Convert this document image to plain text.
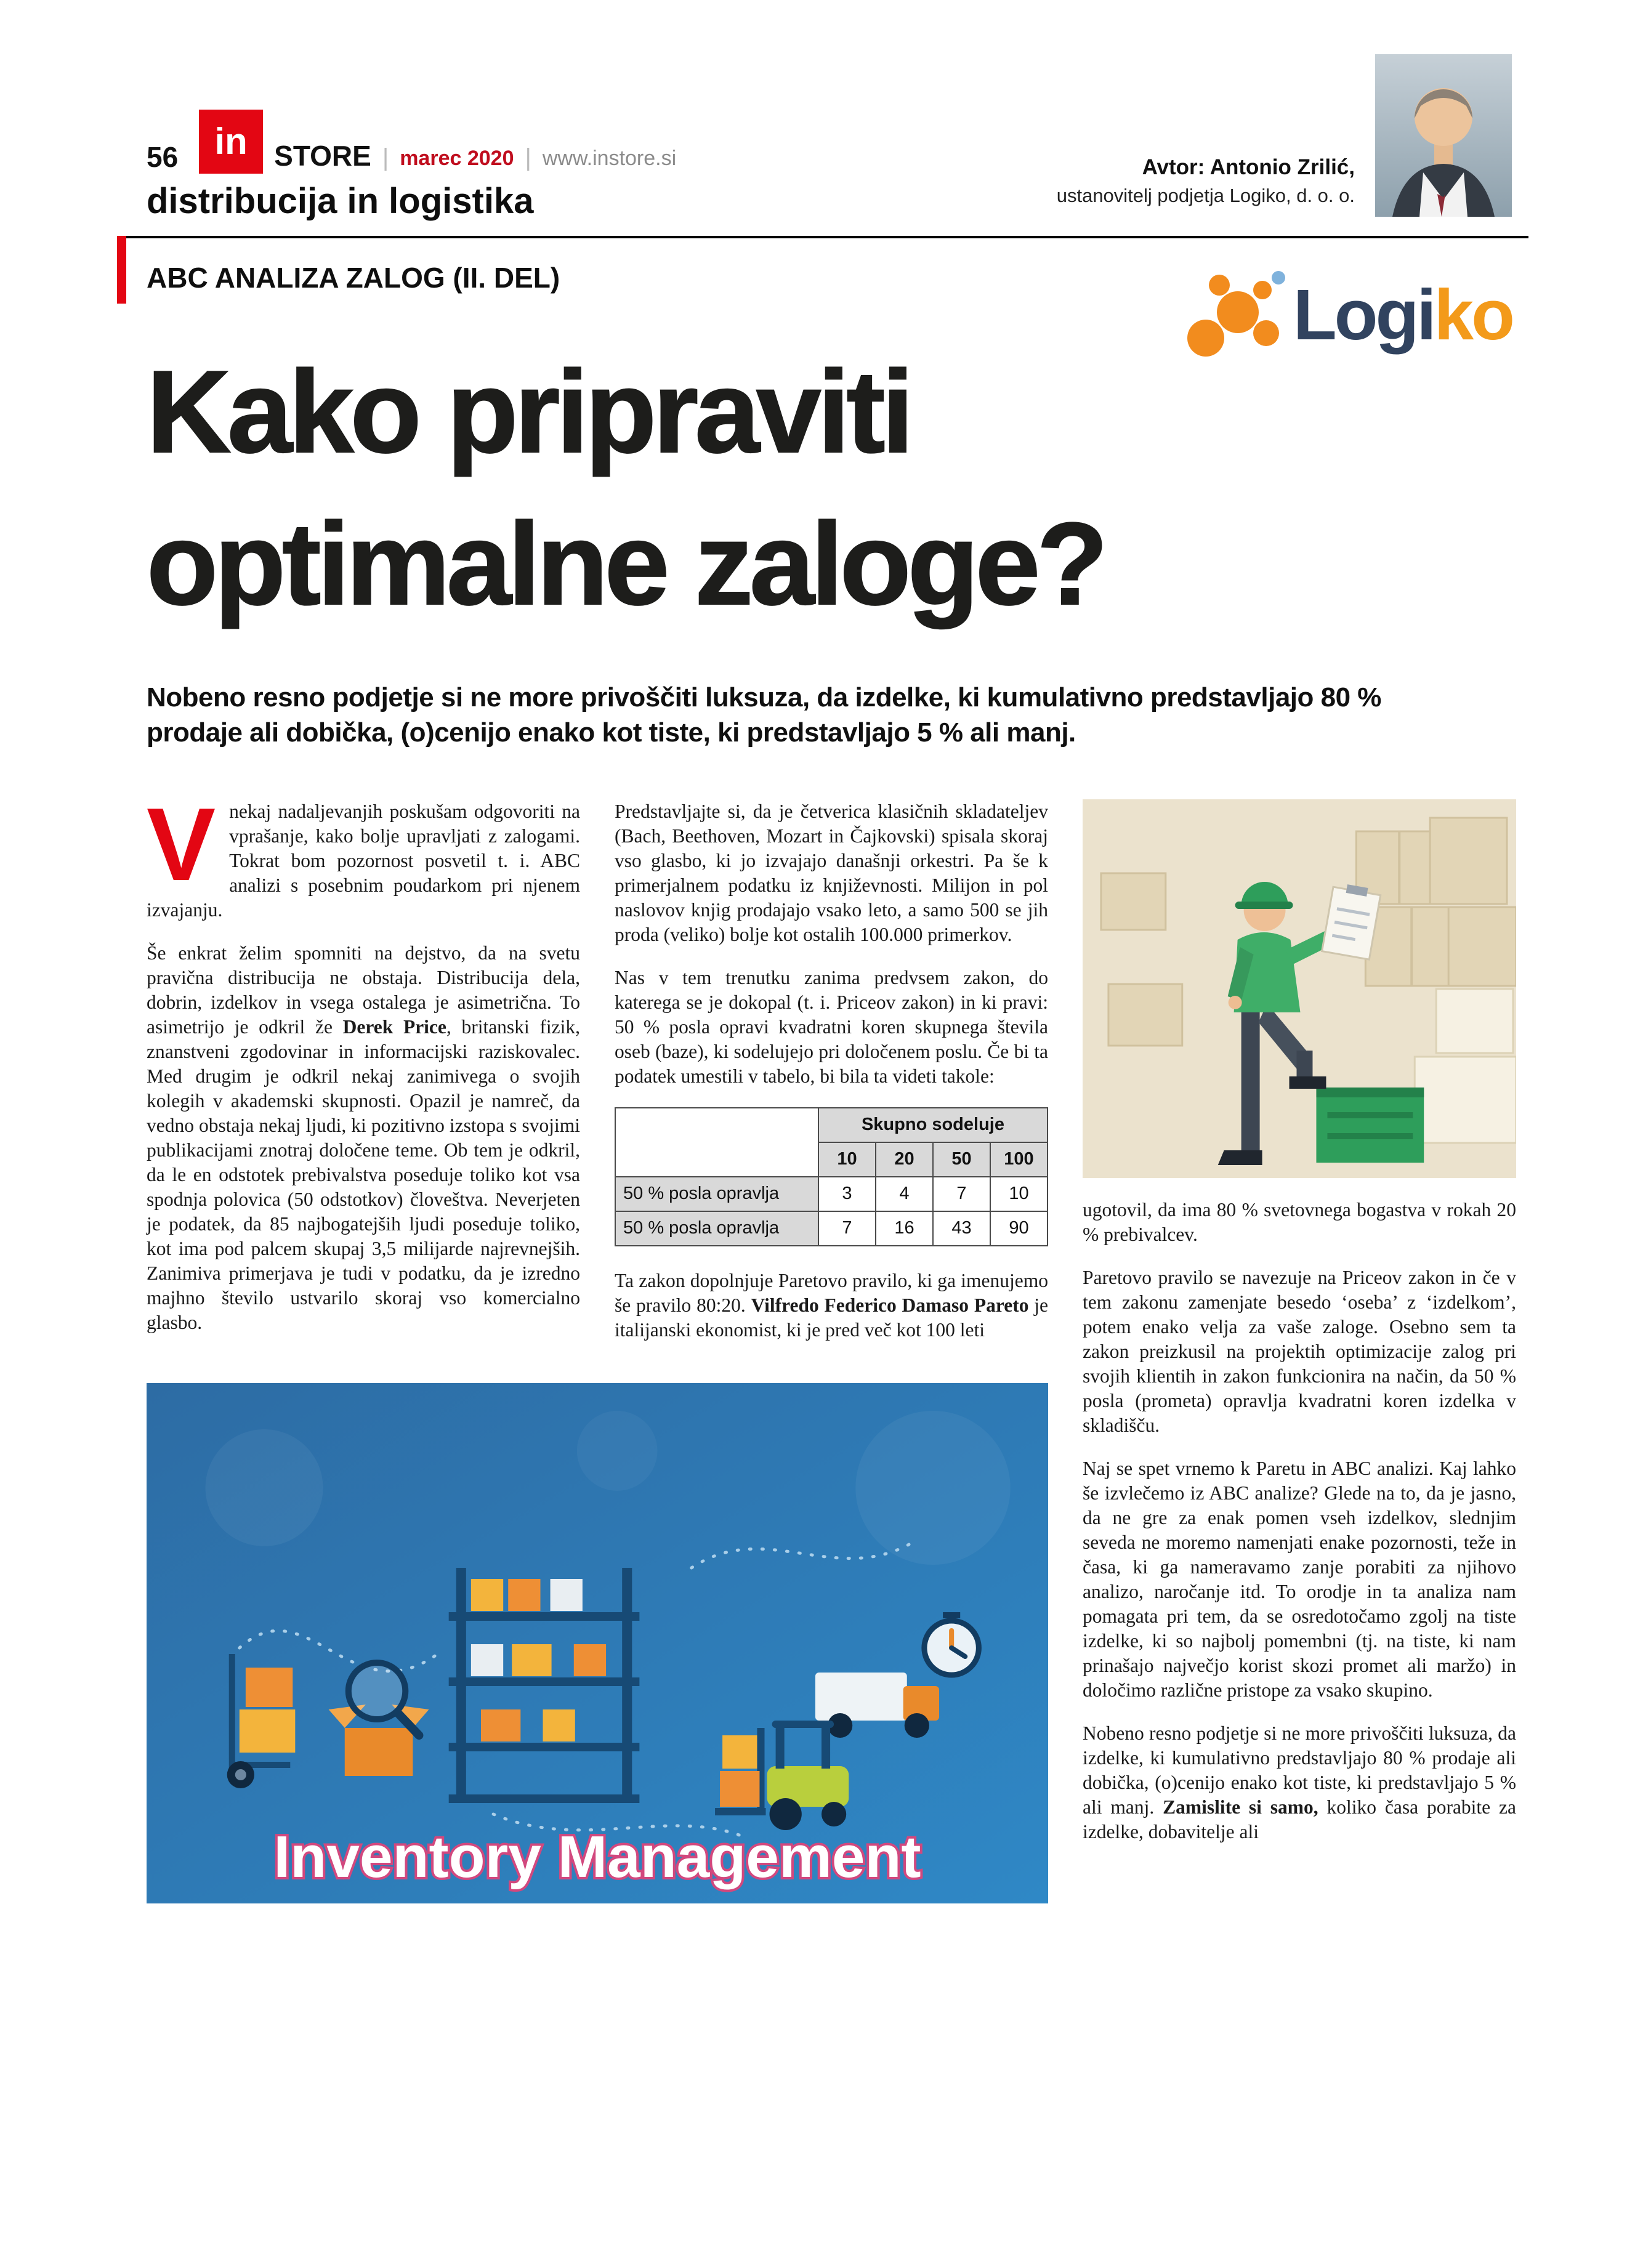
56 in STORE | marec 2020 | www.instore.si
distribucija in logistika
Avtor: Antonio Zrilić,
ustanovitelj podjetja Logiko, d. o. o.
ABC ANALIZA ZALOG (II. DEL)	Logiko
Kako pripraviti
optimalne zaloge?

Nobeno resno podjetje si ne more privoščiti luksuza, da izdelke, ki kumulativno predstavljajo 80 % prodaje ali dobička, (o)cenijo enako kot tiste, ki predstavljajo 5 % ali manj.

Vnekaj nadaljevanjih poskušam odgovoriti na vprašanje, kako bolje upravljati z zalogami. Tokrat bom pozornost posvetil t. i. ABC analizi s posebnim poudarkom pri njenem izvajanju.

Še enkrat želim spomniti na dejstvo, da na svetu pravična distribucija ne obstaja. Distribucija dela, dobrin, izdelkov in vsega ostalega je asimetrična. To asimetrijo je odkril že Derek Price, britanski fizik, znanstveni zgodovinar in informacijski raziskovalec. Med drugim je odkril nekaj zanimivega o svojih kolegih v akademski skupnosti. Opazil je namreč, da vedno obstaja nekaj ljudi, ki pozitivno izstopa s svojimi publikacijami znotraj določene teme. Ob tem je odkril, da le en odstotek prebivalstva poseduje toliko kot vsa spodnja polovica (50 odstotkov) človeštva. Neverjeten je podatek, da 85 najbogatejših ljudi poseduje toliko, kot ima pod palcem skupaj 3,5 milijarde najrevnejših. Zanimiva primerjava je tudi v podatku, da je izredno majhno število ustvarilo skoraj vso komercialno glasbo.

Predstavljajte si, da je četverica klasičnih skladateljev (Bach, Beethoven, Mozart in Čajkovski) spisala skoraj vso glasbo, ki jo izvajajo današnji orkestri. Pa še k primerjalnem podatku iz književnosti. Milijon in pol naslovov knjig prodajajo vsako leto, a samo 500 se jih proda (veliko) bolje kot ostalih 100.000 primerkov.

Nas v tem trenutku zanima predvsem zakon, do katerega se je dokopal (t. i. Priceov zakon) in ki pravi: 50 % posla opravi kvadratni koren skupnega števila oseb (baze), ki sodelujejo pri določenem poslu. Če bi ta podatek umestili v tabelo, bi bila ta videti takole:

	Skupno sodeluje			
	10	20	50	100
50 % posla opravlja	3	4	7	10
50 % posla opravlja	7	16	43	90

Ta zakon dopolnjuje Paretovo pravilo, ki ga imenujemo še pravilo 80:20. Vilfredo Federico Damaso Pareto je italijanski ekonomist, ki je pred več kot 100 leti

ugotovil, da ima 80 % svetovnega bogastva v rokah 20 % prebivalcev.

Paretovo pravilo se navezuje na Priceov zakon in če v tem zakonu zamenjate besedo ‘oseba’ z ‘izdelkom’, potem enako velja za vaše zaloge. Osebno sem ta zakon preizkusil na projektih optimizacije zalog pri svojih klientih in zakon funkcionira na način, da 50 % posla (prometa) opravlja kvadratni koren izdelka v skladišču.

Naj se spet vrnemo k Paretu in ABC analizi. Kaj lahko še izvlečemo iz ABC analize? Glede na to, da je jasno, da ne gre za enak pomen vseh izdelkov, slednjim seveda ne moremo namenjati enake pozornosti, teže in časa, ki ga nameravamo zanje porabiti za njihovo analizo, naročanje itd. To orodje in ta analiza nam pomagata pri tem, da se osredotočamo zgolj na tiste izdelke, ki so najbolj pomembni (tj. na tiste, ki nam prinašajo največjo korist skozi promet ali maržo) in določimo različne pristope za vsako skupino.

Nobeno resno podjetje si ne more privoščiti luksuza, da izdelke, ki kumulativno predstavljajo 80 % prodaje ali dobička, (o)cenijo enako kot tiste, ki predstavljajo 5 % ali manj. Zamislite si samo, koliko časa porabite za izdelke, dobavitelje ali

Inventory Management
